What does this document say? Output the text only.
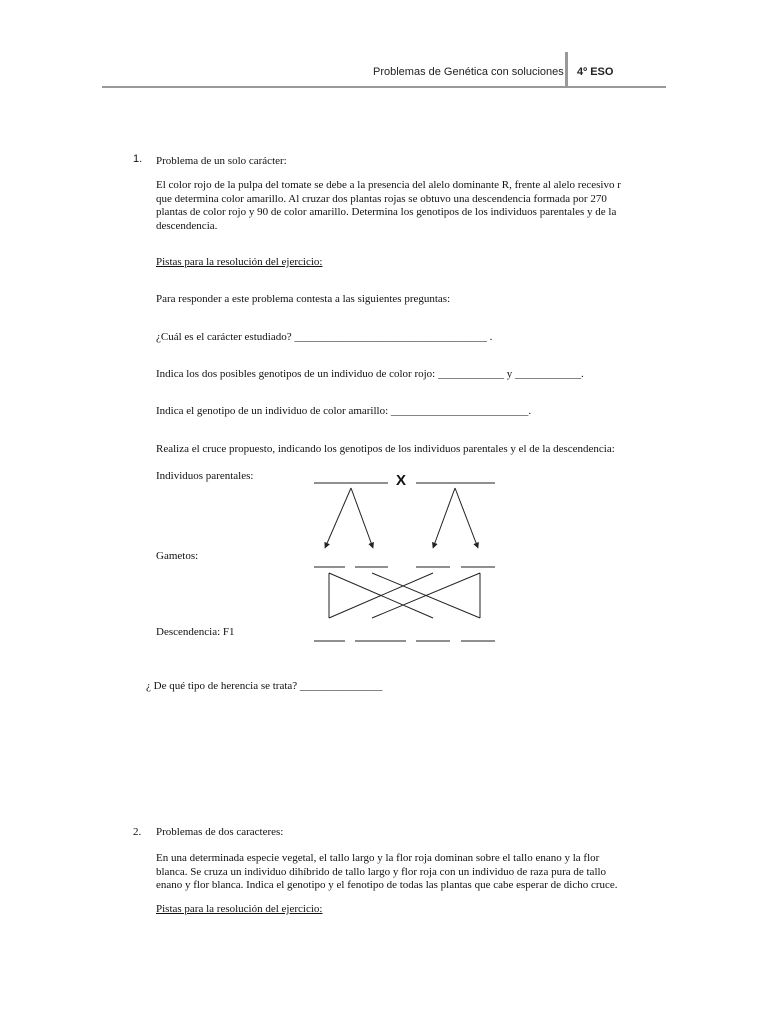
Problemas de Genética con soluciones 4º ESO
1. Problema de un solo carácter:
El color rojo de la pulpa del tomate se debe a la presencia del alelo dominante R, frente al alelo recesivo r
que determina color amarillo. Al cruzar dos plantas rojas se obtuvo una descendencia formada por 270
plantas de color rojo y 90 de color amarillo. Determina los genotipos de los individuos parentales y de la
descendencia.
Pistas para la resolución del ejercicio:
Para responder a este problema contesta a las siguientes preguntas:
¿Cuál es el carácter estudiado? ___________________________________ .
Indica los dos posibles genotipos de un individuo de color rojo: ____________ y ____________.
Indica el genotipo de un individuo de color amarillo: _________________________.
Realiza el cruce propuesto, indicando los genotipos de los individuos parentales y el de la descendencia:
Individuos parentales:	X
Gametos:
Descendencia: F1
¿ De qué tipo de herencia se trata? _______________
2. Problemas de dos caracteres:
En una determinada especie vegetal, el tallo largo y la flor roja dominan sobre el tallo enano y la flor
blanca. Se cruza un individuo dihíbrido de tallo largo y flor roja con un individuo de raza pura de tallo
enano y flor blanca. Indica el genotipo y el fenotipo de todas las plantas que cabe esperar de dicho cruce.
Pistas para la resolución del ejercicio:
